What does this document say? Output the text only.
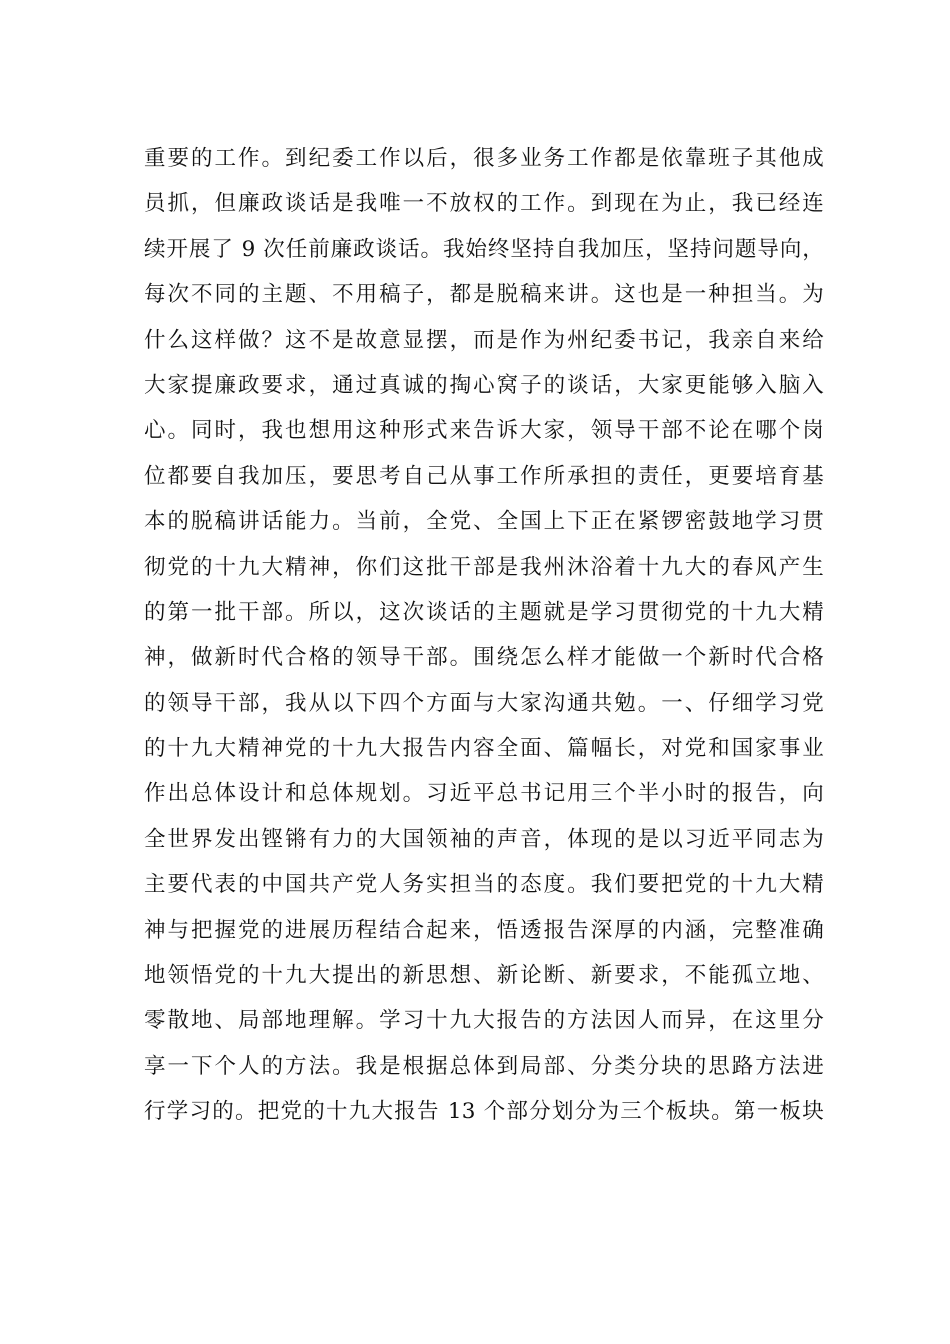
重要的工作。到纪委工作以后，很多业务工作都是依靠班子其他成
员抓，但廉政谈话是我唯一不放权的工作。到现在为止，我已经连
续开展了 9 次任前廉政谈话。我始终坚持自我加压，坚持问题导向，
每次不同的主题、不用稿子，都是脱稿来讲。这也是一种担当。为
什么这样做？这不是故意显摆，而是作为州纪委书记，我亲自来给
大家提廉政要求，通过真诚的掏心窝子的谈话，大家更能够入脑入
心。同时，我也想用这种形式来告诉大家，领导干部不论在哪个岗
位都要自我加压，要思考自己从事工作所承担的责任，更要培育基
本的脱稿讲话能力。当前，全党、全国上下正在紧锣密鼓地学习贯
彻党的十九大精神，你们这批干部是我州沐浴着十九大的春风产生
的第一批干部。所以，这次谈话的主题就是学习贯彻党的十九大精
神，做新时代合格的领导干部。围绕怎么样才能做一个新时代合格
的领导干部，我从以下四个方面与大家沟通共勉。一、仔细学习党
的十九大精神党的十九大报告内容全面、篇幅长，对党和国家事业
作出总体设计和总体规划。习近平总书记用三个半小时的报告，向
全世界发出铿锵有力的大国领袖的声音，体现的是以习近平同志为
主要代表的中国共产党人务实担当的态度。我们要把党的十九大精
神与把握党的进展历程结合起来，悟透报告深厚的内涵，完整准确
地领悟党的十九大提出的新思想、新论断、新要求，不能孤立地、
零散地、局部地理解。学习十九大报告的方法因人而异，在这里分
享一下个人的方法。我是根据总体到局部、分类分块的思路方法进
行学习的。把党的十九大报告 13 个部分划分为三个板块。第一板块
